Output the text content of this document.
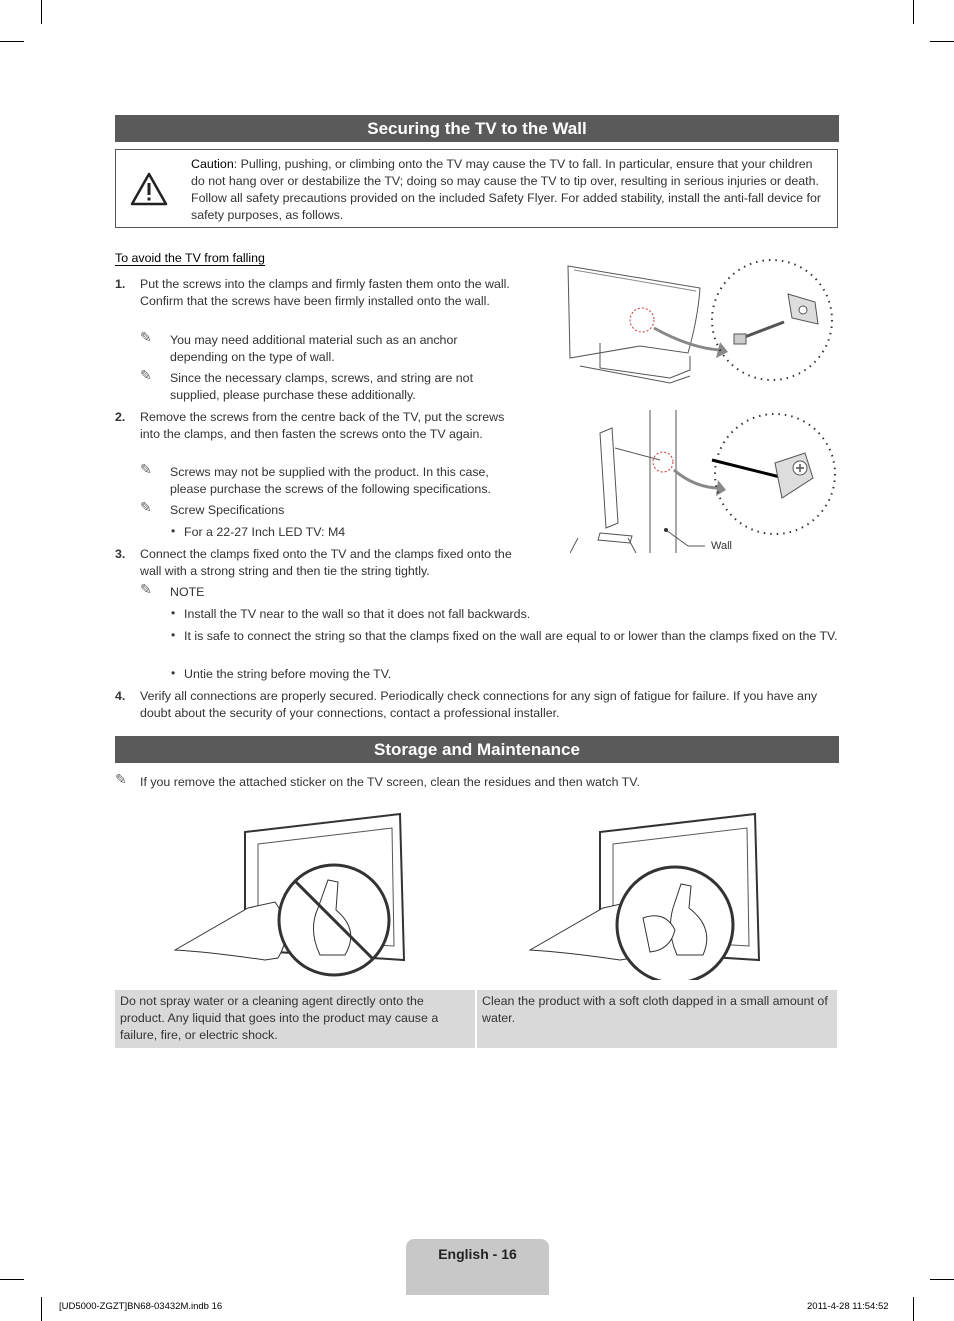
Securing the TV to the Wall
Caution: Pulling, pushing, or climbing onto the TV may cause the TV to fall. In particular, ensure that your children do not hang over or destabilize the TV; doing so may cause the TV to tip over, resulting in serious injuries or death. Follow all safety precautions provided on the included Safety Flyer. For added stability, install the anti-fall device for safety purposes, as follows.
To avoid the TV from falling
1. Put the screws into the clamps and firmly fasten them onto the wall. Confirm that the screws have been firmly installed onto the wall.
✎ You may need additional material such as an anchor depending on the type of wall.
✎ Since the necessary clamps, screws, and string are not supplied, please purchase these additionally.
2. Remove the screws from the centre back of the TV, put the screws into the clamps, and then fasten the screws onto the TV again.
✎ Screws may not be supplied with the product. In this case, please purchase the screws of the following specifications.
✎ Screw Specifications
• For a 22-27 Inch LED TV: M4
3. Connect the clamps fixed onto the TV and the clamps fixed onto the wall with a strong string and then tie the string tightly.
✎ NOTE
• Install the TV near to the wall so that it does not fall backwards.
• It is safe to connect the string so that the clamps fixed on the wall are equal to or lower than the clamps fixed on the TV.
• Untie the string before moving the TV.
4. Verify all connections are properly secured. Periodically check connections for any sign of fatigue for failure. If you have any doubt about the security of your connections, contact a professional installer.
Wall
Storage and Maintenance
✎ If you remove the attached sticker on the TV screen, clean the residues and then watch TV.
Do not spray water or a cleaning agent directly onto the product. Any liquid that goes into the product may cause a failure, fire, or electric shock.
Clean the product with a soft cloth dapped in a small amount of water.
English - 16
[UD5000-ZGZT]BN68-03432M.indb 16	2011-4-28 11:54:52
